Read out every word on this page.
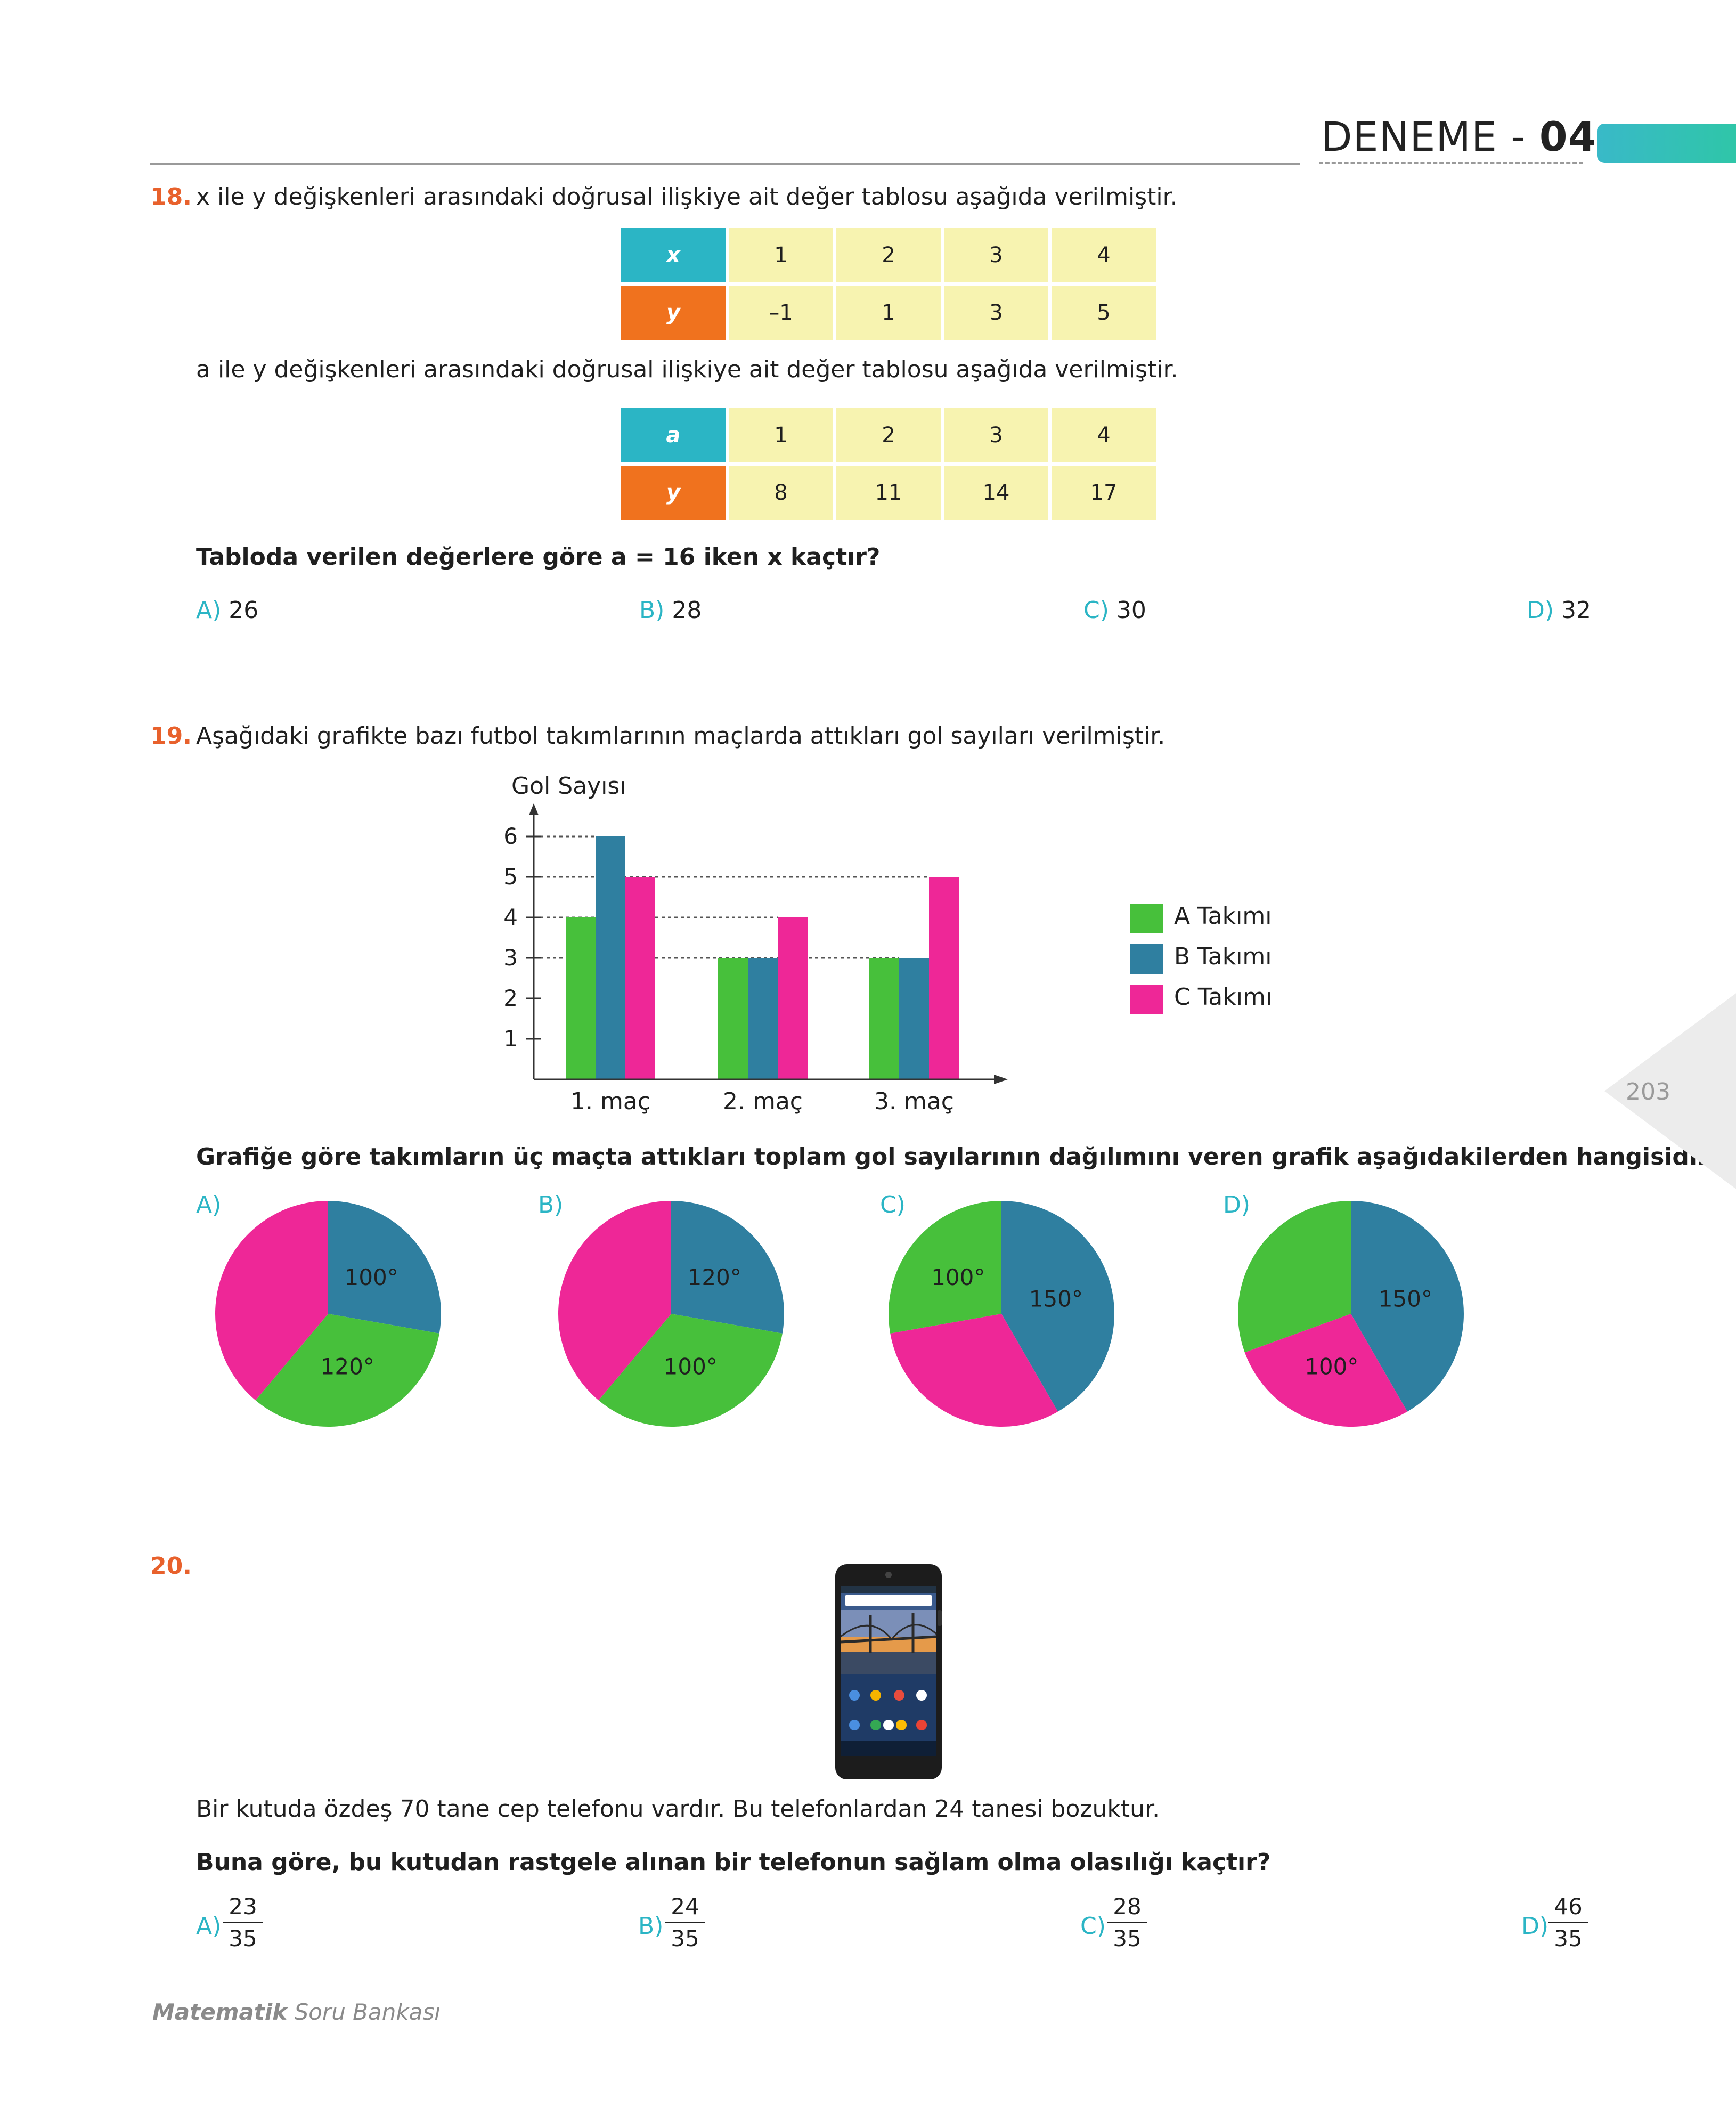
DENEME - 04
18. x ile y değişkenleri arasındaki doğrusal ilişkiye ait değer tablosu aşağıda verilmiştir.
x	1	2	3	4
y	–1	1	3	5
a ile y değişkenleri arasındaki doğrusal ilişkiye ait değer tablosu aşağıda verilmiştir.
a	1	2	3	4
y	8	11	14	17
Tabloda verilen değerlere göre a = 16 iken x kaçtır?
A) 26	B) 28	C) 30	D) 32
19. Aşağıdaki grafikte bazı futbol takımlarının maçlarda attıkları gol sayıları verilmiştir.
1
2
3
4
5
6
Gol Sayısı
1. maç	2. maç	3. maç
A Takımı
B Takımı
C Takımı
Grafiğe göre takımların üç maçta attıkları toplam gol sayılarının dağılımını veren grafik aşağıdakilerden hangisidir?
A)	B)	C)	D)
100°
120°
120°
100°
150°
100°
150°
100°
203
20.
Bir kutuda özdeş 70 tane cep telefonu vardır. Bu telefonlardan 24 tanesi bozuktur.
Buna göre, bu kutudan rastgele alınan bir telefonun sağlam olma olasılığı kaçtır?
$A) \frac{23}{35}$	$B) \frac{24}{35}$	$C) \frac{28}{35}$	D)
$\frac{46}{35}$
Matematik Soru Bankası
